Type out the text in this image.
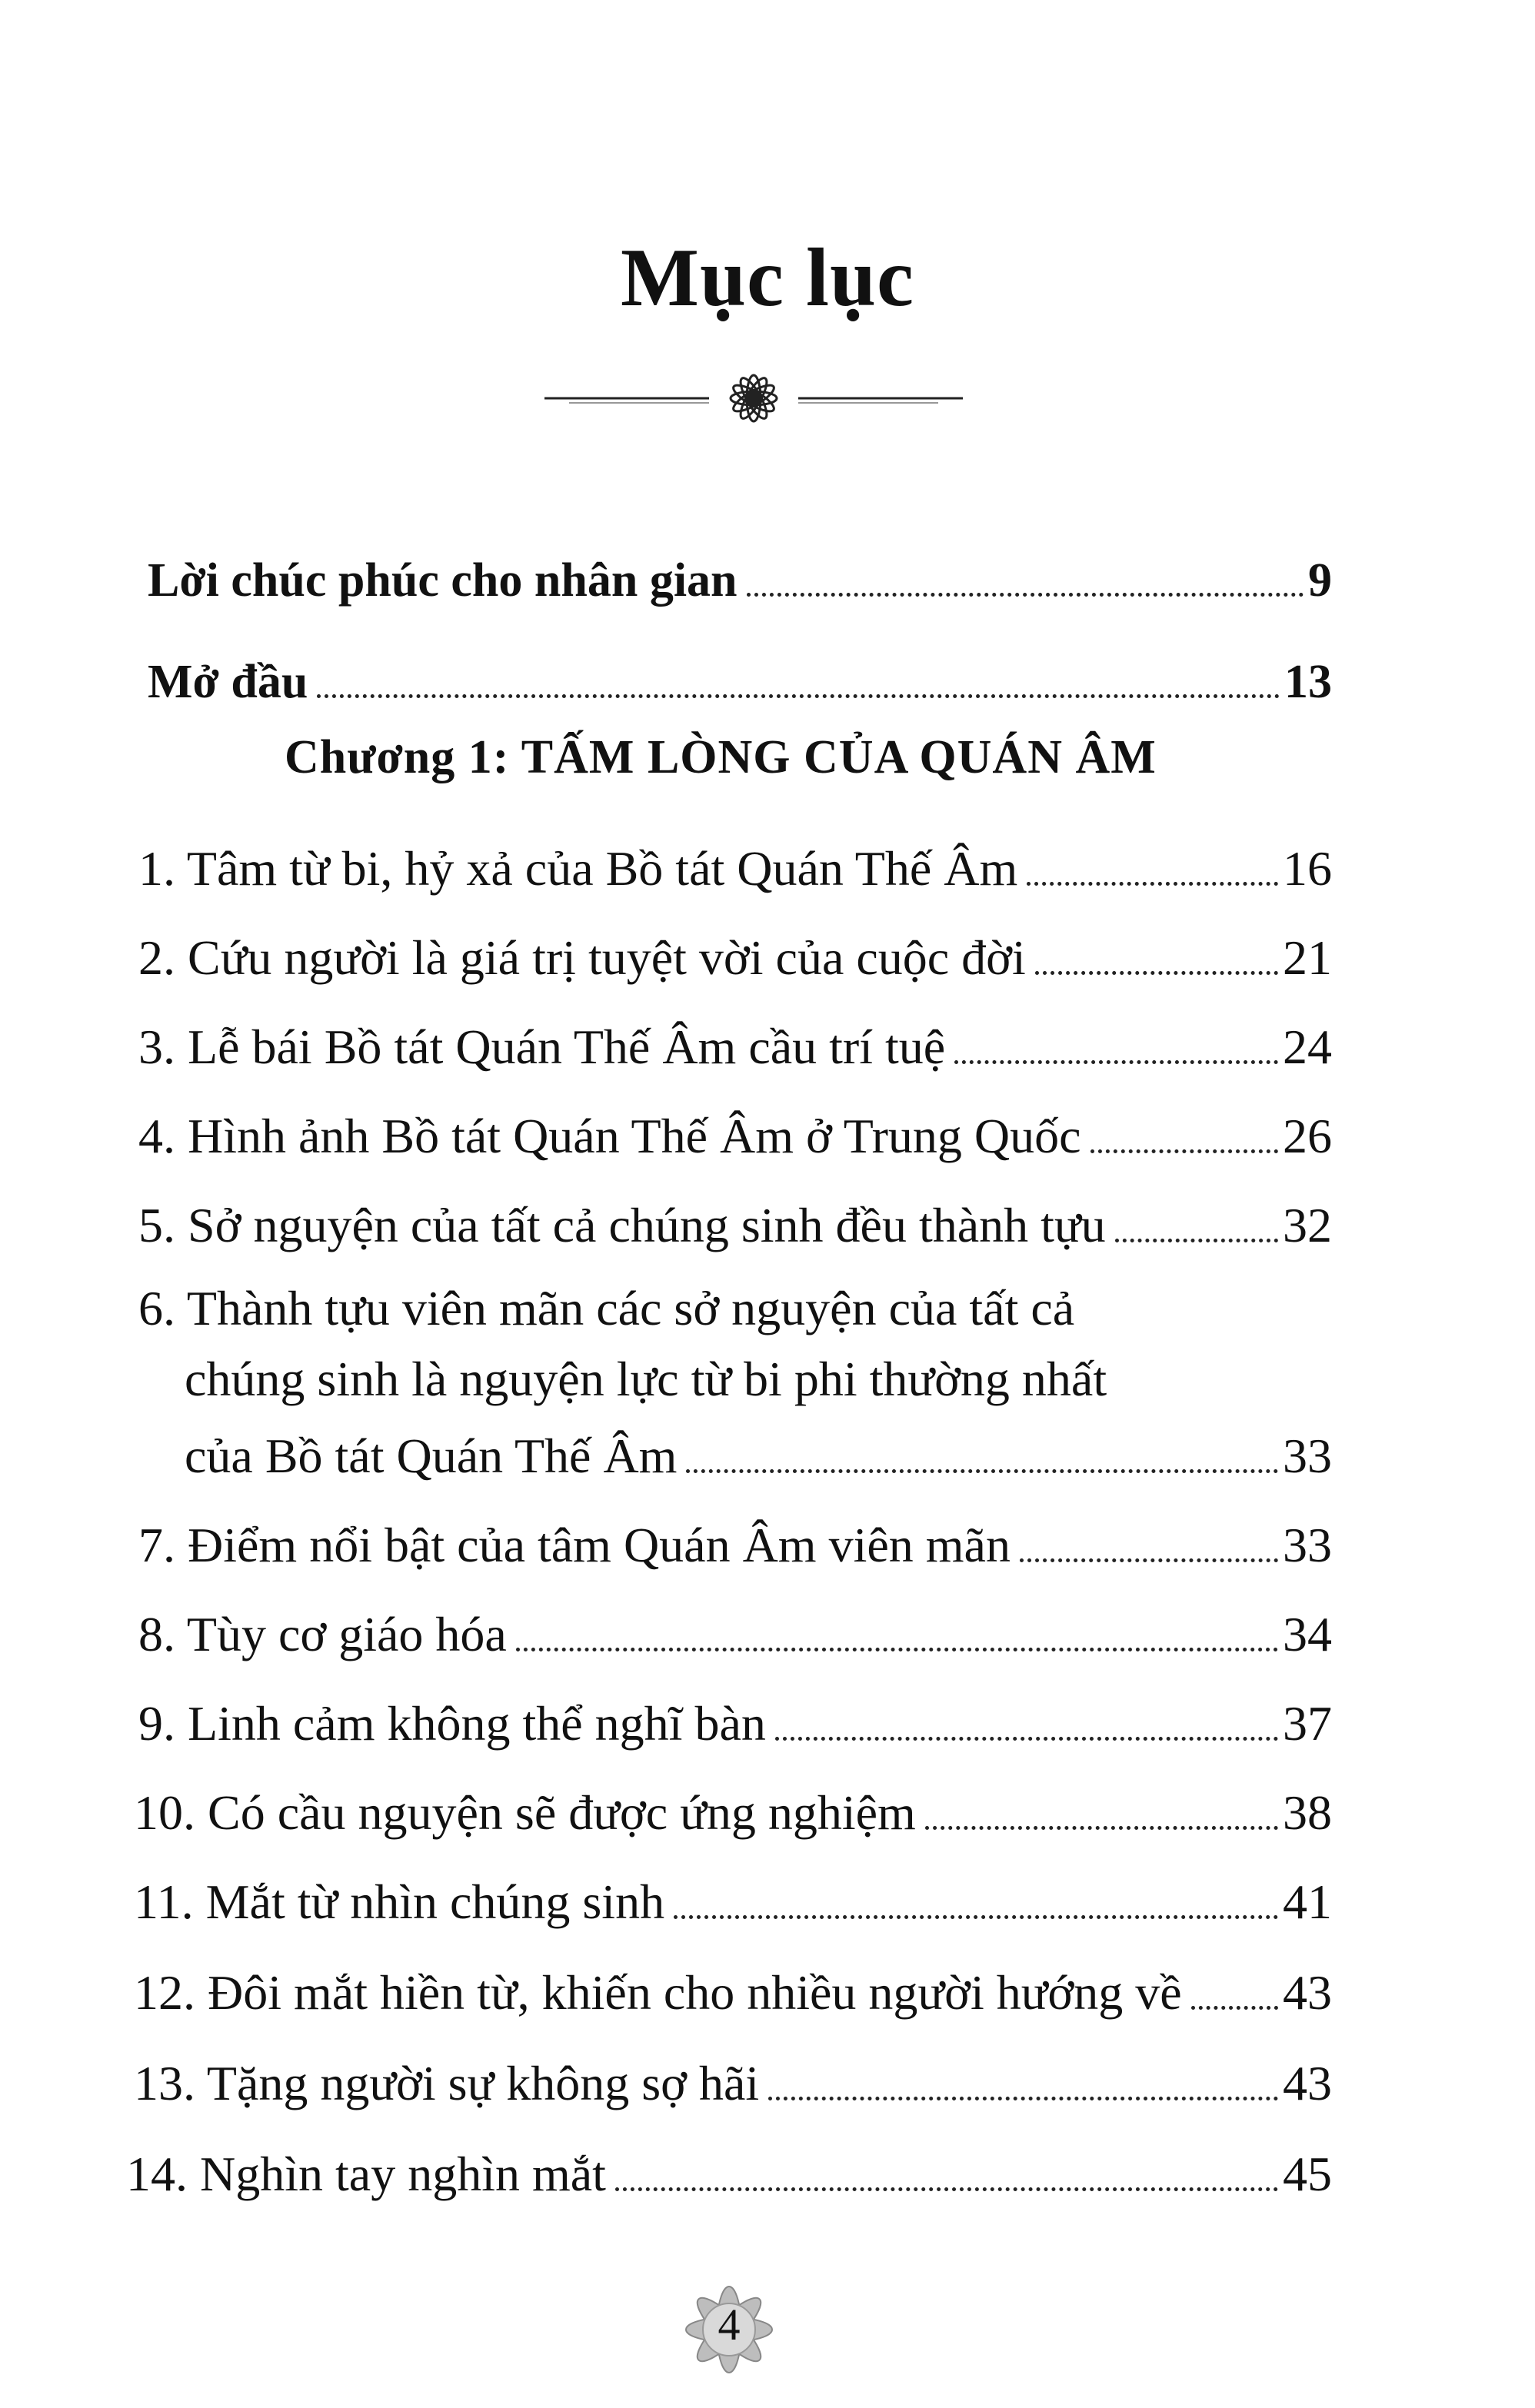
Mục lục
Lời chúc phúc cho nhân gian	9
Mở đầu	13
Chương 1: TẤM LÒNG CỦA QUÁN ÂM
1. Tâm từ bi, hỷ xả của Bồ tát Quán Thế Âm	16
2. Cứu người là giá trị tuyệt vời của cuộc đời	21
3. Lễ bái Bồ tát Quán Thế Âm cầu trí tuệ	24
4. Hình ảnh Bồ tát Quán Thế Âm ở Trung Quốc	26
5. Sở nguyện của tất cả chúng sinh đều thành tựu	32
6. Thành tựu viên mãn các sở nguyện của tất cả
chúng sinh là nguyện lực từ bi phi thường nhất
của Bồ tát Quán Thế Âm	33
7. Điểm nổi bật của tâm Quán Âm viên mãn	33
8. Tùy cơ giáo hóa	34
9. Linh cảm không thể nghĩ bàn	37
10. Có cầu nguyện sẽ được ứng nghiệm	38
11. Mắt từ nhìn chúng sinh	41
12. Đôi mắt hiền từ, khiến cho nhiều người hướng về 43
13. Tặng người sự không sợ hãi	43
14. Nghìn tay nghìn mắt	45
4
